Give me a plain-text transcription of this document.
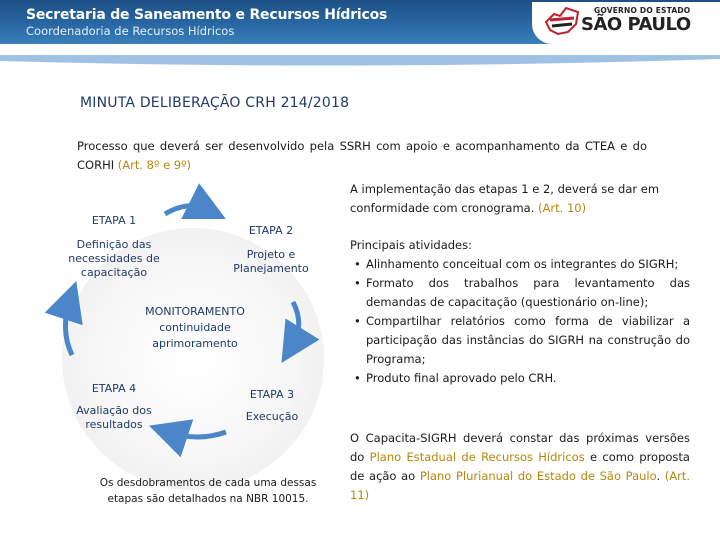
Secretaria de Saneamento e Recursos Hídricos
Coordenadoria de Recursos Hídricos
GOVERNO DO ESTADO
SÃO PAULO
MINUTA DELIBERAÇÃO CRH 214/2018
Processo que deverá ser desenvolvido pela SSRH com apoio e acompanhamento da CTEA e do CORHI (Art. 8º e 9º)
ETAPA 1
Definição das necessidades de capacitação
ETAPA 2
Projeto e Planejamento
MONITORAMENTO
continuidade
aprimoramento
ETAPA 4
Avaliação dos resultados
ETAPA 3
Execução
Os desdobramentos de cada uma dessas etapas são detalhados na NBR 10015.
A implementação das etapas 1 e 2, deverá se dar em conformidade com cronograma. (Art. 10)
Principais atividades:
• Alinhamento conceitual com os integrantes do SIGRH;
• Formato dos trabalhos para levantamento das demandas de capacitação (questionário on-line);
• Compartilhar relatórios como forma de viabilizar a participação das instâncias do SIGRH na construção do Programa;
• Produto final aprovado pelo CRH.
O Capacita-SIGRH deverá constar das próximas versões do Plano Estadual de Recursos Hídricos e como proposta de ação ao Plano Plurianual do Estado de São Paulo. (Art. 11)
